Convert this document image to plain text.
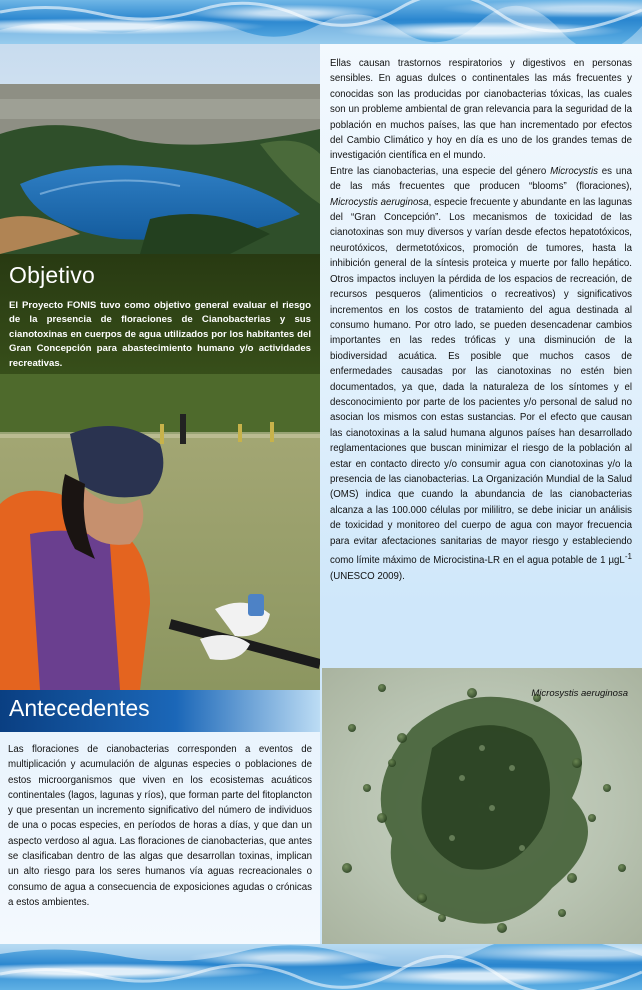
Objetivo

El Proyecto FONIS tuvo como objetivo general evaluar el riesgo de la presencia de floraciones de Cianobacterias y sus cianotoxinas en cuerpos de agua utilizados por los habitantes del Gran Concepción para abastecimiento humano y/o actividades recreativas.

Antecedentes

Las floraciones de cianobacterias corresponden a eventos de multiplicación y acumulación de algunas especies o poblaciones de estos microorganismos que viven en los ecosistemas acuáticos continentales (lagos, lagunas y ríos), que forman parte del fitoplancton y que presentan un incremento significativo del número de individuos de una o pocas especies, en períodos de horas a días, y que dan un aspecto verdoso al agua. Las floraciones de cianobacterias, que antes se clasificaban dentro de las algas que desarrollan toxinas, implican un alto riesgo para los seres humanos vía aguas recreacionales o consumo de agua a consecuencia de exposiciones agudas o crónicas a estos ambientes.

Ellas causan trastornos respiratorios y digestivos en personas sensibles. En aguas dulces o continentales las más frecuentes y conocidas son las producidas por cianobacterias tóxicas, las cuales son un probleme ambiental de gran relevancia para la seguridad de la población en muchos países, las que han incrementado por efectos del Cambio Climático y hoy en día es uno de los grandes temas de investigación científica en el mundo.

Entre las cianobacterias, una especie del género Microcystis es una de las más frecuentes que producen “blooms” (floraciones), Microcystis aeruginosa, especie frecuente y abundante en las lagunas del “Gran Concepción”. Los mecanismos de toxicidad de las cianotoxinas son muy diversos y varían desde efectos hepatotóxicos, neurotóxicos, dermetotóxicos, promoción de tumores, hasta la inhibición general de la síntesis proteica y muerte por fallo hepático. Otros impactos incluyen la pérdida de los espacios de recreación, de recursos pesqueros (alimenticios o recreativos) y significativos incrementos en los costos de tratamiento del agua destinada al consumo humano. Por otro lado, se pueden desencadenar cambios importantes en las redes tróficas y una disminución de la biodiversidad acuática. Es posible que muchos casos de enfermedades causadas por las cianotoxinas no estén bien documentados, ya que, dada la naturaleza de los síntomes y el desconocimiento por parte de los pacientes y/o personal de salud no asocian los mismos con estas sustancias. Por el efecto que causan las cianotoxinas a la salud humana algunos países han desarrollado reglamentaciones que buscan minimizar el riesgo de la población al estar en contacto directo y/o consumir agua con cianotoxinas y/o la presencia de las cianobacterias. La Organización Mundial de la Salud (OMS) indica que cuando la abundancia de las cianobacterias alcanza a las 100.000 células por mililitro, se debe iniciar un análisis de toxicidad y monitoreo del cuerpo de agua con mayor frecuencia para evitar afectaciones sanitarias de mayor riesgo y estableciendo como límite máximo de Microcistina-LR en el agua potable de 1 µgL$^{-1}$ (UNESCO 2009).

Microsystis aeruginosa
